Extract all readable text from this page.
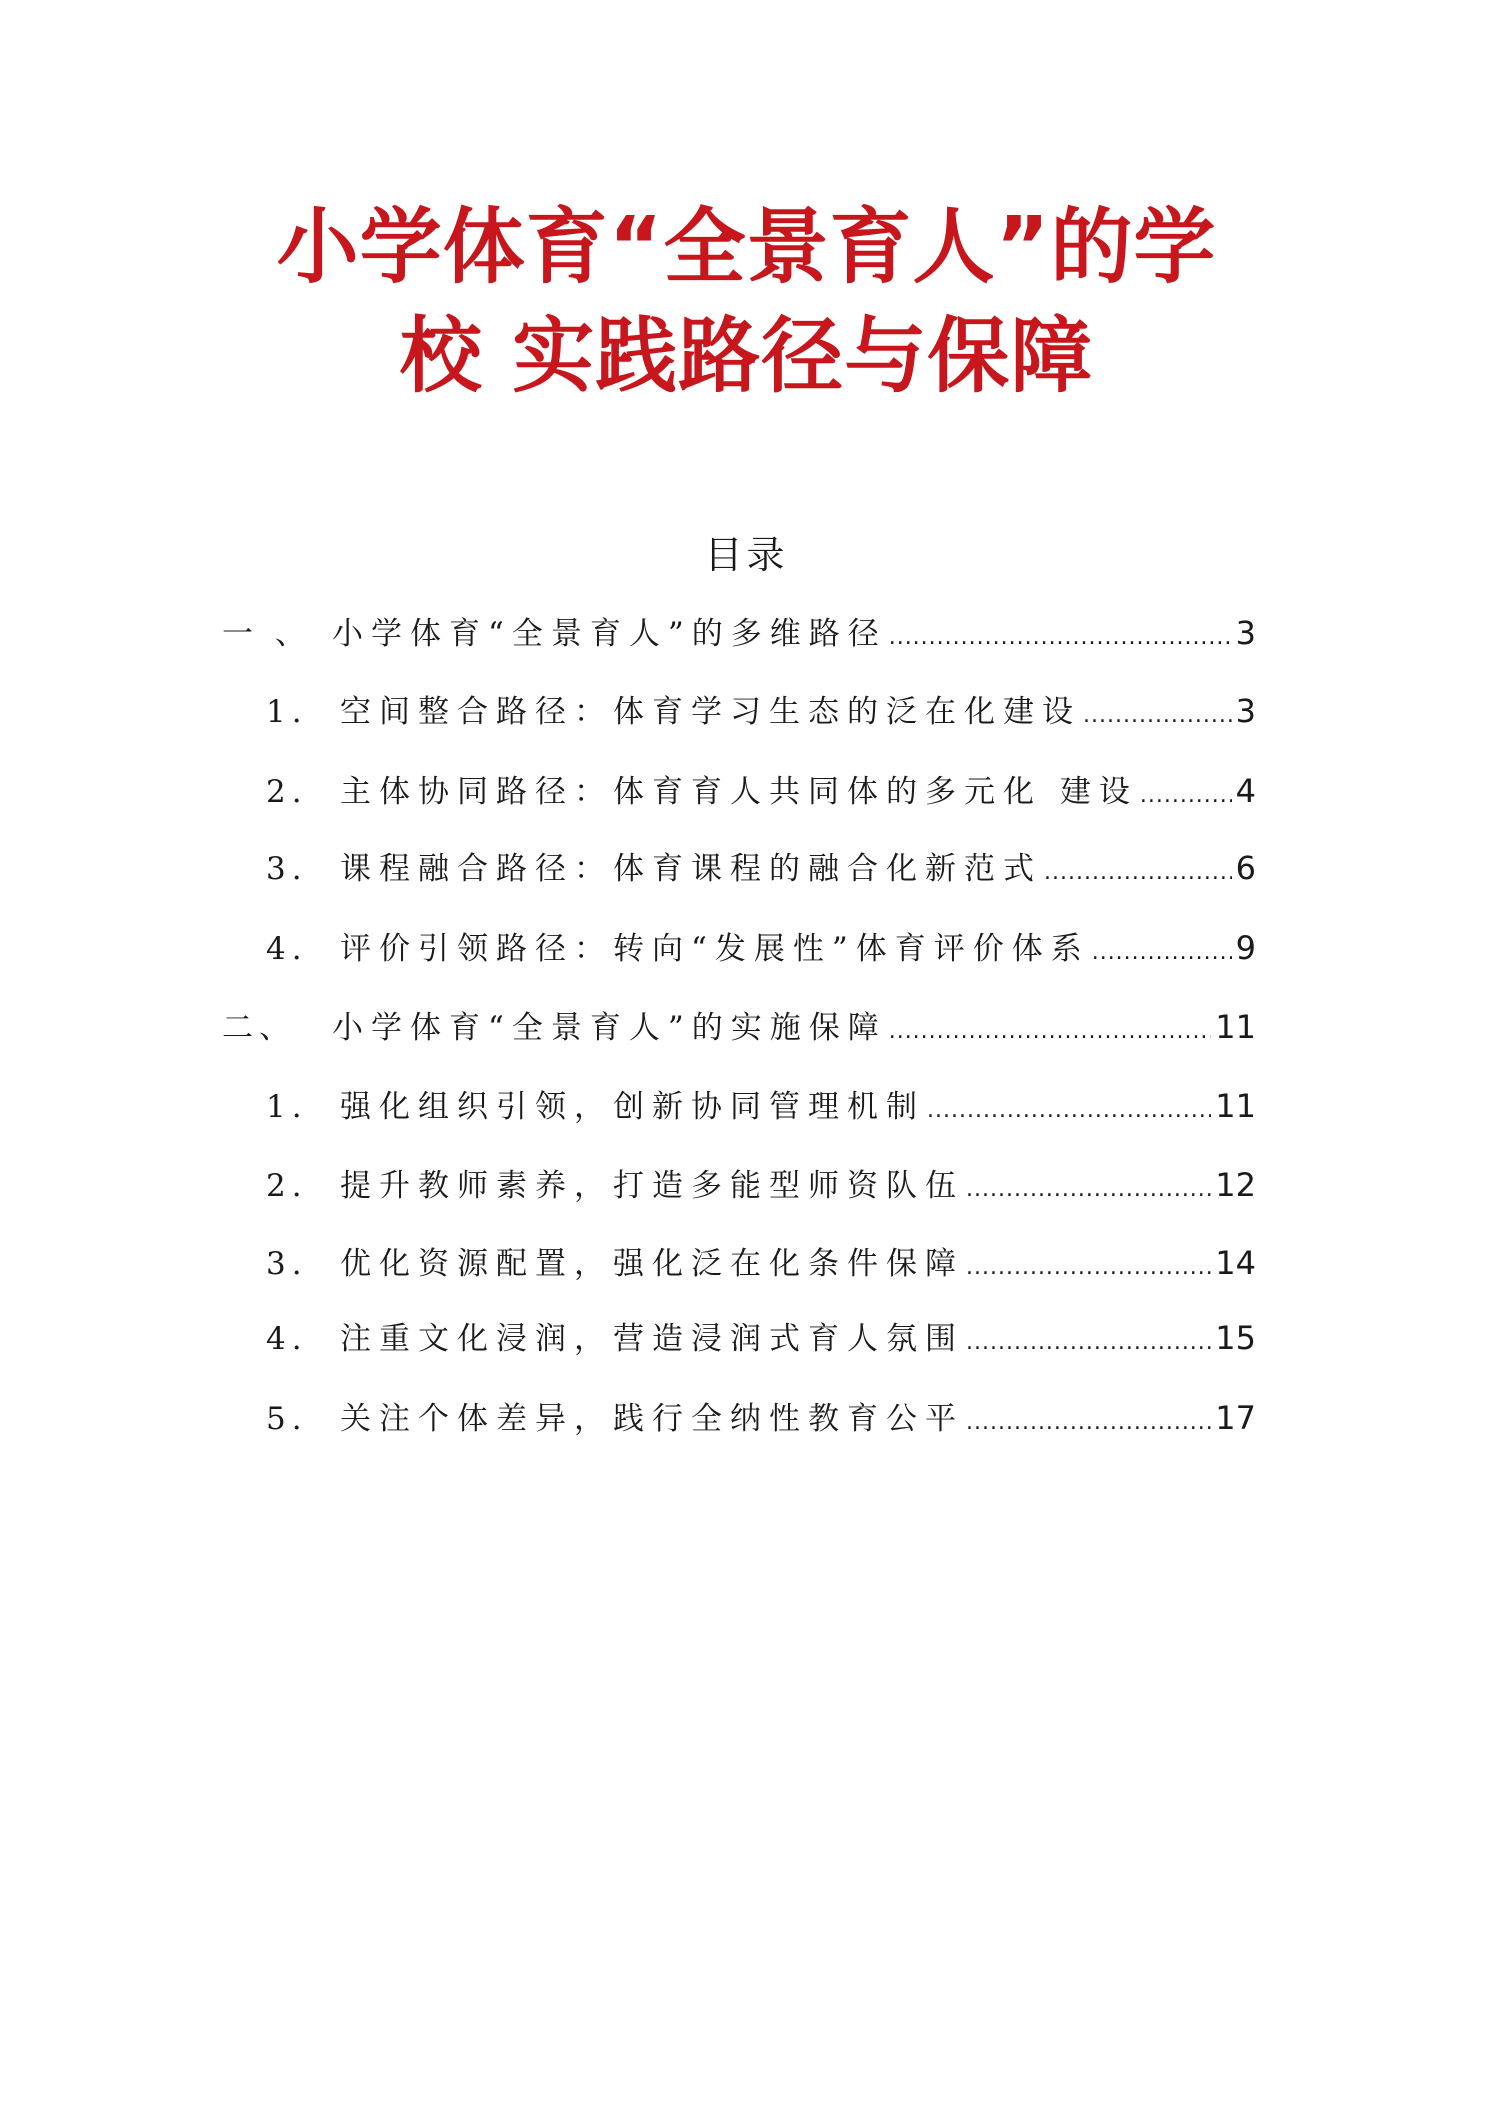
小学体育“全景育人”的学
校 实践路径与保障
目录
一 、 小学体育“全景育人”的多维路径 .....	3
1.	空间整合路径：体育学习生态的泛在化建设 .....	3
2.	主体协同路径：体育育人共同体的多元化 建设 .....	4
3.	课程融合路径：体育课程的融合化新范式 .....	6
4.	评价引领路径：转向“发展性”体育评价体系 .....	9
二、	小学体育“全景育人”的实施保障 .....	11
1.	强化组织引领，创新协同管理机制 .....	11
2.	提升教师素养，打造多能型师资队伍 .....	12
3.	优化资源配置，强化泛在化条件保障 .....	14
4.	注重文化浸润，营造浸润式育人氛围 .....	15
5.	关注个体差异，践行全纳性教育公平 .....	17
